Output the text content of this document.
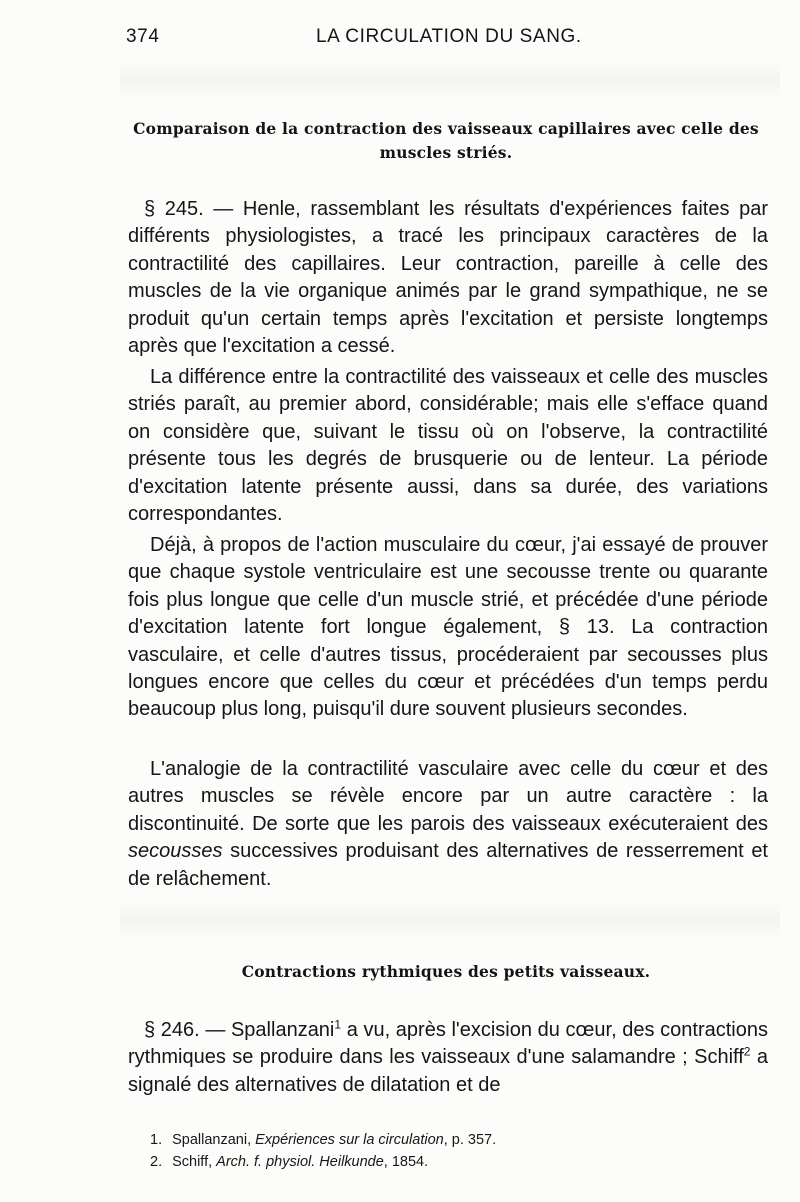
374	LA CIRCULATION DU SANG.
Comparaison de la contraction des vaisseaux capillaires avec celle des muscles striés.

§ 245. — Henle, rassemblant les résultats d'expériences faites par différents physiologistes, a tracé les principaux caractères de la contractilité des capillaires. Leur contraction, pareille à celle des muscles de la vie organique animés par le grand sympathique, ne se produit qu'un certain temps après l'excitation et persiste longtemps après que l'excitation a cessé.

La différence entre la contractilité des vaisseaux et celle des muscles striés paraît, au premier abord, considérable; mais elle s'efface quand on considère que, suivant le tissu où on l'observe, la contractilité présente tous les degrés de brusquerie ou de lenteur. La période d'excitation latente présente aussi, dans sa durée, des variations correspondantes.

Déjà, à propos de l'action musculaire du cœur, j'ai essayé de prouver que chaque systole ventriculaire est une secousse trente ou quarante fois plus longue que celle d'un muscle strié, et précédée d'une période d'excitation latente fort longue également, § 13. La contraction vasculaire, et celle d'autres tissus, procéderaient par secousses plus longues encore que celles du cœur et précédées d'un temps perdu beaucoup plus long, puisqu'il dure souvent plusieurs secondes.

L'analogie de la contractilité vasculaire avec celle du cœur et des autres muscles se révèle encore par un autre caractère : la discontinuité. De sorte que les parois des vaisseaux exécuteraient des secousses successives produisant des alternatives de resserrement et de relâchement.

Contractions rythmiques des petits vaisseaux.

§ 246. — Spallanzani$^1$ a vu, après l'excision du cœur, des contractions rythmiques se produire dans les vaisseaux d'une salamandre ; Schiff$^2$ a signalé des alternatives de dilatation et de

1. Spallanzani, Expériences sur la circulation, p. 357.
2. Schiff, Arch. f. physiol. Heilkunde, 1854.
